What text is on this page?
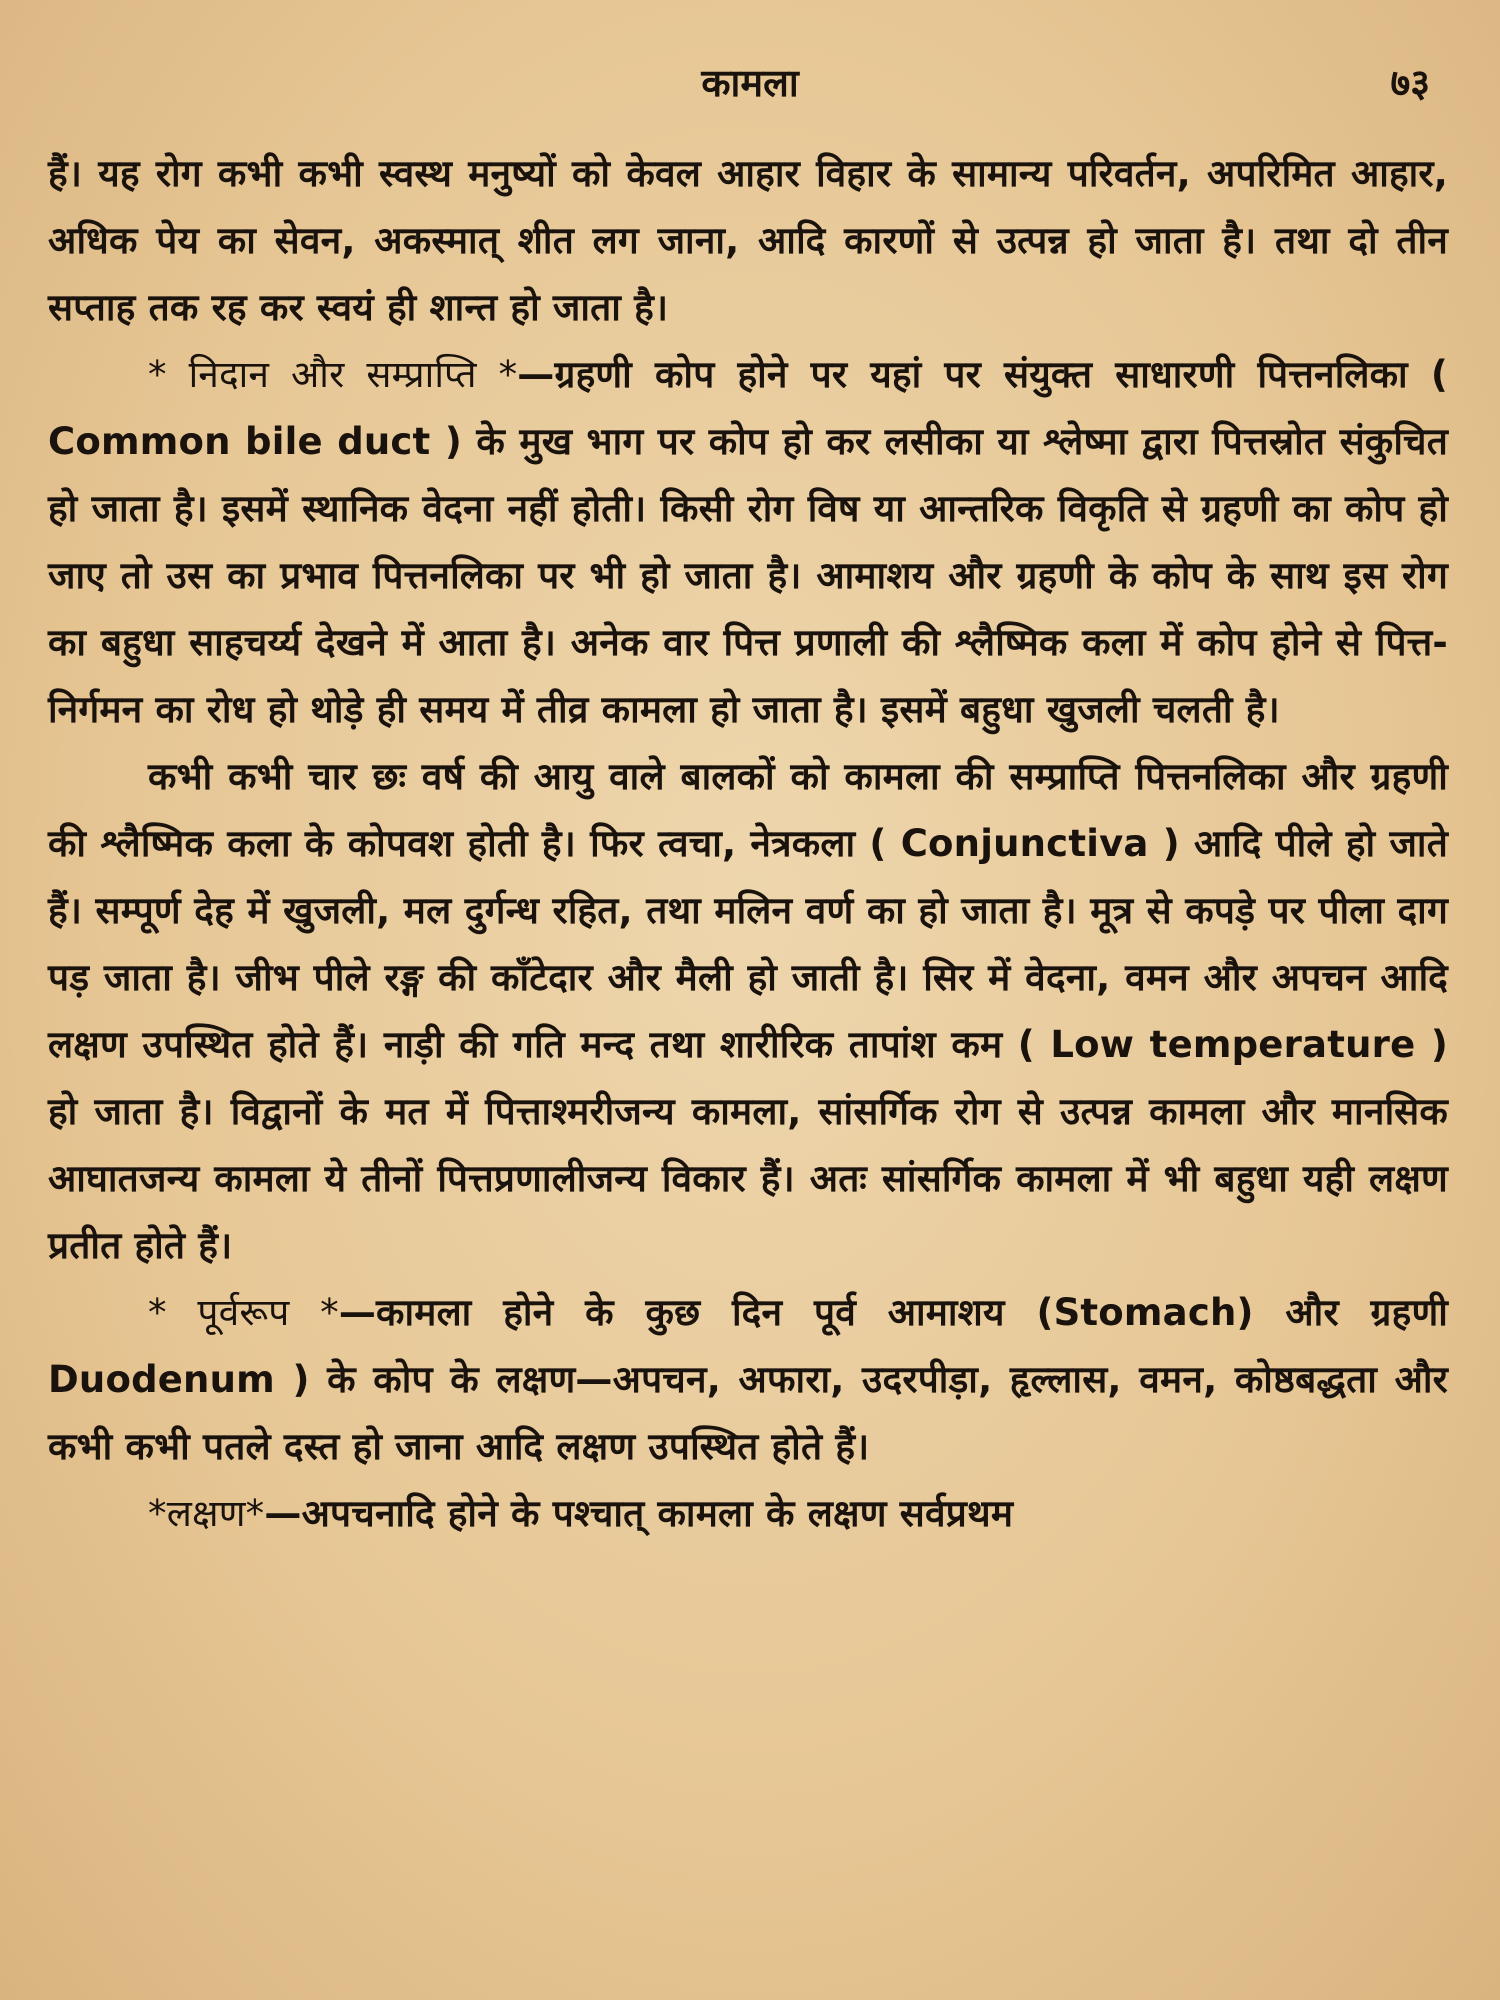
कामला	७३

हैं। यह रोग कभी कभी स्वस्थ मनुष्यों को केवल आहार विहार के सामान्य परिवर्तन, अपरिमित आहार, अधिक पेय का सेवन, अकस्मात् शीत लग जाना, आदि कारणों से उत्पन्न हो जाता है। तथा दो तीन सप्ताह तक रह कर स्वयं ही शान्त हो जाता है।

* निदान और सम्प्राप्ति *—ग्रहणी कोप होने पर यहां पर संयुक्त साधारणी पित्तनलिका ( Common bile duct ) के मुख भाग पर कोप हो कर लसीका या श्लेष्मा द्वारा पित्तस्रोत संकुचित हो जाता है। इसमें स्थानिक वेदना नहीं होती। किसी रोग विष या आन्तरिक विकृति से ग्रहणी का कोप हो जाए तो उस का प्रभाव पित्तनलिका पर भी हो जाता है। आमाशय और ग्रहणी के कोप के साथ इस रोग का बहुधा साहचर्य्य देखने में आता है। अनेक वार पित्त प्रणाली की श्लैष्मिक कला में कोप होने से पित्त-निर्गमन का रोध हो थोड़े ही समय में तीव्र कामला हो जाता है। इसमें बहुधा खुजली चलती है।

कभी कभी चार छः वर्ष की आयु वाले बालकों को कामला की सम्प्राप्ति पित्तनलिका और ग्रहणी की श्लैष्मिक कला के कोपवश होती है। फिर त्वचा, नेत्रकला ( Conjunctiva ) आदि पीले हो जाते हैं। सम्पूर्ण देह में खुजली, मल दुर्गन्ध रहित, तथा मलिन वर्ण का हो जाता है। मूत्र से कपड़े पर पीला दाग पड़ जाता है। जीभ पीले रङ्ग की काँटेदार और मैली हो जाती है। सिर में वेदना, वमन और अपचन आदि लक्षण उपस्थित होते हैं। नाड़ी की गति मन्द तथा शारीरिक तापांश कम ( Low temperature ) हो जाता है। विद्वानों के मत में पित्ताश्मरीजन्य कामला, सांसर्गिक रोग से उत्पन्न कामला और मानसिक आघातजन्य कामला ये तीनों पित्तप्रणालीजन्य विकार हैं। अतः सांसर्गिक कामला में भी बहुधा यही लक्षण प्रतीत होते हैं।

* पूर्वरूप *—कामला होने के कुछ दिन पूर्व आमाशय (Stomach) और ग्रहणी Duodenum ) के कोप के लक्षण—अपचन, अफारा, उदरपीड़ा, हृल्लास, वमन, कोष्ठबद्धता और कभी कभी पतले दस्त हो जाना आदि लक्षण उपस्थित होते हैं।

*लक्षण*—अपचनादि होने के पश्चात् कामला के लक्षण सर्वप्रथम
